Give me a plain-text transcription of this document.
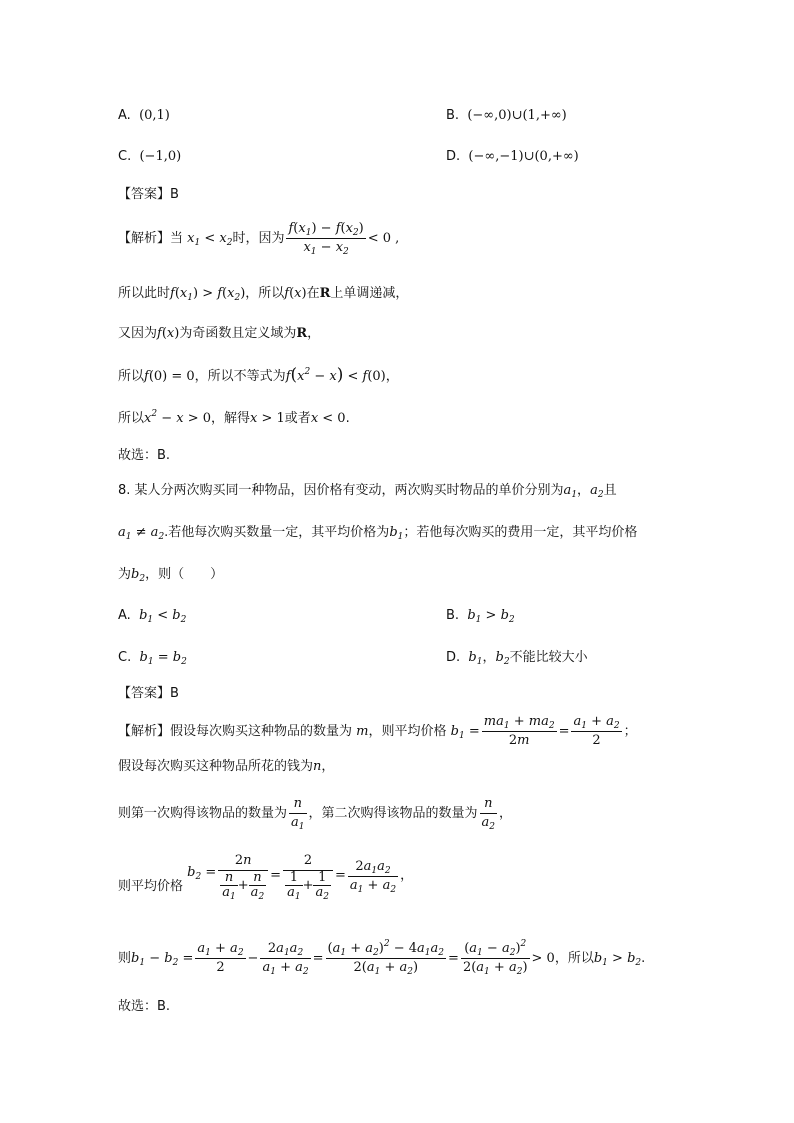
A. (0,1)	B. (−∞,0)∪(1,+∞)
C. (−1,0)	D. (−∞,−1)∪(0,+∞)
【答案】B
【解析】 当 $x_1 < x_2$ 时，因为 $\frac{f(x_1) - f(x_2)}{x_1 - x_2} < 0$ ,
所以此时$f(x_1) > f(x_2)$，所以f(x)在R上单调递减，
又因为f(x)为奇函数且定义域为R，
所以f(0) = 0，所以不等式为$f(x^2 - x) < f(0)$，
所以$x^2 - x > 0$，解得x > 1或者x < 0.
故选：B.
8. 某人分两次购买同一种物品，因价格有变动，两次购买时物品的单价分别为$a_1$，$a_2$且
$a_1 \ne a_2$.若他每次购买数量一定，其平均价格为$b_1$；若他每次购买的费用一定，其平均价格
为$b_2$，则（　　）
A. $b_1 < b_2$	B. $b_1 > b_2$
C. $b_1 = b_2$	D. $b_1$，$b_2$不能比较大小
【答案】B
【解析】 假设每次购买这种物品的数量为 m ，则平均价格 $b_1 = \frac{ma_1 + ma_2}{2m} = \frac{a_1 + a_2}{2}$ ；
假设每次购买这种物品所花的钱为n，
则第一次购得该物品的数量为 $\frac{n}{a_1}$ ，第二次购得该物品的数量为 $\frac{n}{a_2}$ ，
则平均价格
$b_2 = \frac{2n}{\frac{n}{a_1} + \frac{n}{a_2}} = \frac{2}{\frac{1}{a_1} + \frac{1}{a_2}} = \frac{2a_1a_2}{a_1 + a_2}$ ，
则 $b_1 - b_2 = \frac{a_1 + a_2}{2} - \frac{2a_1a_2}{a_1 + a_2} = \frac{(a_1 + a_2)^2 - 4a_1a_2}{2(a_1 + a_2)} = \frac{(a_1 - a_2)^2}{2(a_1 + a_2)} > 0$ ，所以 $b_1 > b_2$ .
故选：B.
